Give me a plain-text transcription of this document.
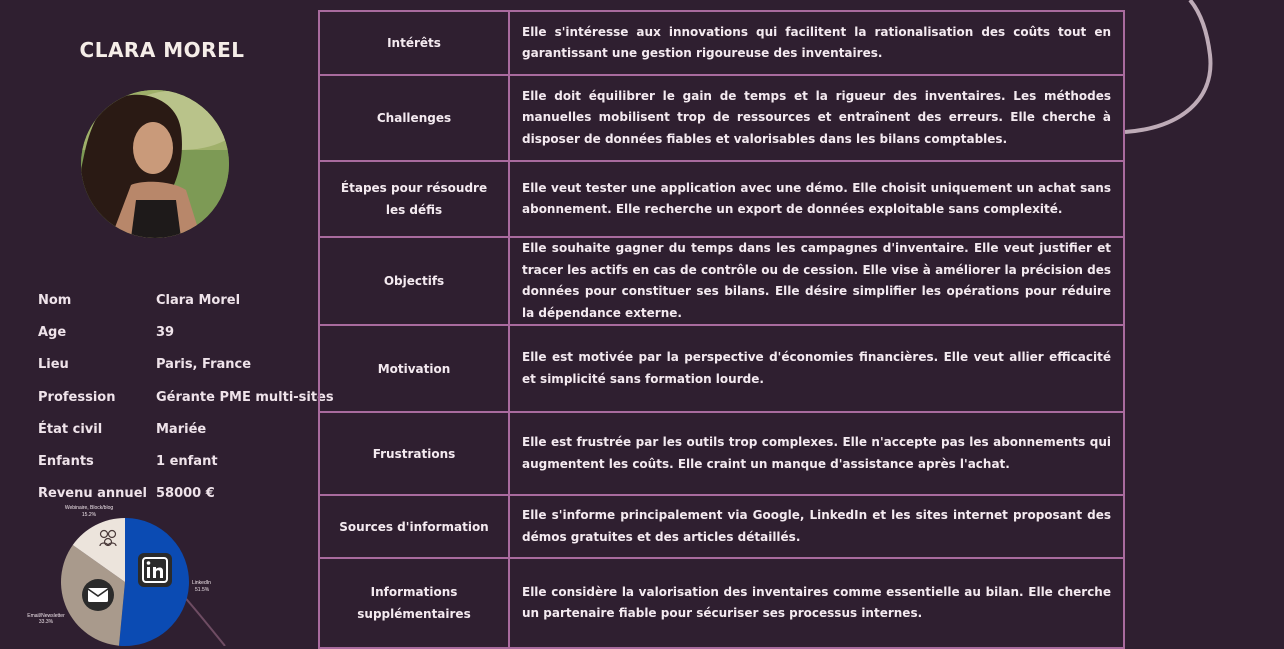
CLARA MOREL
Nom	Clara Morel
Age	39
Lieu	Paris, France
Profession	Gérante PME multi-sites
État civil	Mariée
Enfants	1 enfant
Revenu annuel 58000 €
Webinaire, Block/blog
15.2%
LinkedIn
51.5%
Email/Newsletter
33.3%
Intérêts	Elle s'intéresse aux innovations qui facilitent la rationalisation des coûts tout en garantissant une gestion rigoureuse des inventaires.
Challenges	Elle doit équilibrer le gain de temps et la rigueur des inventaires. Les méthodes manuelles mobilisent trop de ressources et entraînent des erreurs. Elle cherche à disposer de données fiables et valorisables dans les bilans comptables.
Étapes pour résoudre les défis	Elle veut tester une application avec une démo. Elle choisit uniquement un achat sans abonnement. Elle recherche un export de données exploitable sans complexité.
Objectifs	Elle souhaite gagner du temps dans les campagnes d'inventaire. Elle veut justifier et tracer les actifs en cas de contrôle ou de cession. Elle vise à améliorer la précision des données pour constituer ses bilans. Elle désire simplifier les opérations pour réduire la dépendance externe.
Motivation	Elle est motivée par la perspective d'économies financières. Elle veut allier efficacité et simplicité sans formation lourde.
Frustrations	Elle est frustrée par les outils trop complexes. Elle n'accepte pas les abonnements qui augmentent les coûts. Elle craint un manque d'assistance après l'achat.
Sources d'information	Elle s'informe principalement via Google, LinkedIn et les sites internet proposant des démos gratuites et des articles détaillés.
Informations supplémentaires	Elle considère la valorisation des inventaires comme essentielle au bilan. Elle cherche un partenaire fiable pour sécuriser ses processus internes.
